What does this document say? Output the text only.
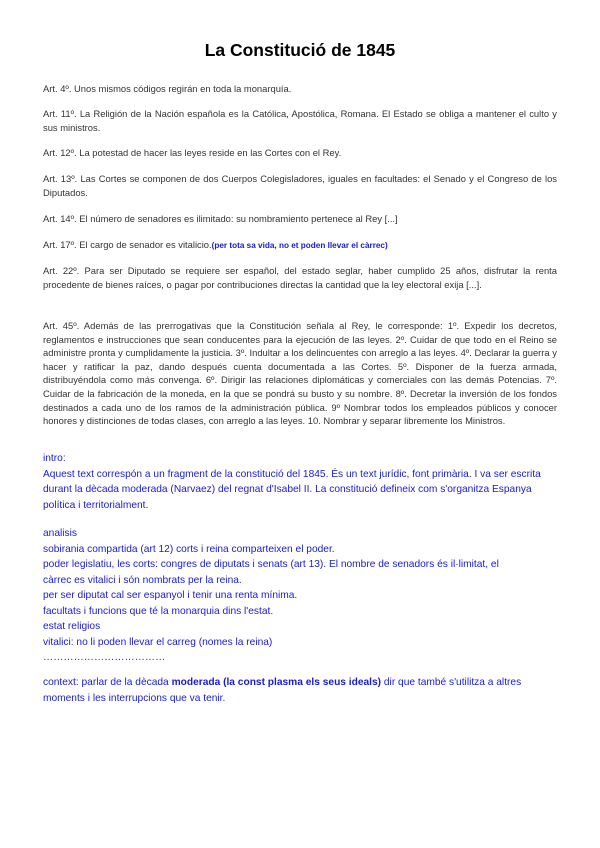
La Constitució de 1845
Art. 4º. Unos mismos códigos regirán en toda la monarquía.
Art. 11º. La Religión de la Nación española es la Católica, Apostólica, Romana. El Estado se obliga a mantener el culto y sus ministros.
Art. 12º. La potestad de hacer las leyes reside en las Cortes con el Rey.
Art. 13º. Las Cortes se componen de dos Cuerpos Colegisladores, iguales en facultades: el Senado y el Congreso de los Diputados.
Art. 14º. El número de senadores es ilimitado: su nombramiento pertenece al Rey [...]
Art. 17º. El cargo de senador es vitalicio.(per tota sa vida, no et poden llevar el càrrec)
Art. 22º. Para ser Diputado se requiere ser español, del estado seglar, haber cumplido 25 años, disfrutar la renta procedente de bienes raíces, o pagar por contribuciones directas la cantidad que la ley electoral exija [...].
Art. 45º. Además de las prerrogativas que la Constitución señala al Rey, le corresponde: 1º. Expedir los decretos, reglamentos e instrucciones que sean conducentes para la ejecución de las leyes. 2º. Cuidar de que todo en el Reino se administre pronta y cumplidamente la justicia. 3º. Indultar a los delincuentes con arreglo a las leyes. 4º. Declarar la guerra y hacer y ratificar la paz, dando después cuenta documentada a las Cortes. 5º. Disponer de la fuerza armada, distribuyéndola como más convenga. 6º. Dirigir las relaciones diplomáticas y comerciales con las demás Potencias. 7º. Cuidar de la fabricación de la moneda, en la que se pondrá su busto y su nombre. 8º. Decretar la inversión de los fondos destinados a cada uno de los ramos de la administración pública. 9º Nombrar todos los empleados públicos y conocer honores y distinciones de todas clases, con arreglo a las leyes. 10. Nombrar y separar libremente los Ministros.

intro:

Aquest text correspón a un fragment de la constitució del 1845. És un text jurídic, font primària. I va ser escrita durant la dècada moderada (Narvaez) del regnat d'Isabel II. La constitució defineix com s'organitza Espanya política i territorialment.

analisis

sobirania compartida (art 12) corts i reina comparteixen el poder.

poder legislatiu, les corts: congres de diputats i senats (art 13). El nombre de senadors és il·limitat, el

càrrec es vitalici i són nombrats per la reina.

per ser diputat cal ser espanyol i tenir una renta mínima.

facultats i funcions que té la monarquia dins l'estat.

estat religios

vitalici: no li poden llevar el carreg (nomes la reina)

………………………………

context: parlar de la dècada moderada (la const plasma els seus ideals) dir que també s'utilitza a altres moments i les interrupcions que va tenir.
